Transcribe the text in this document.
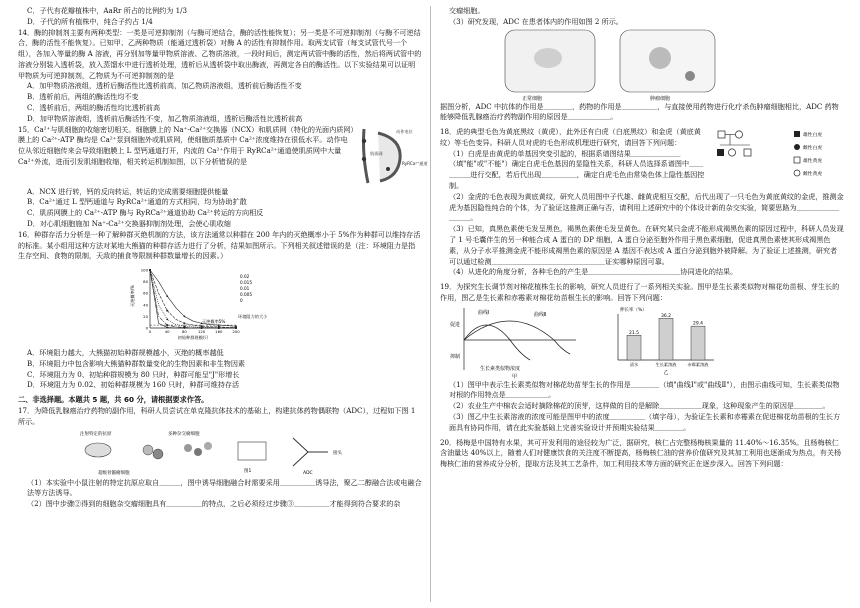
C．子代有花瓣植株中，AaRr 所占的比例约为 1/3

D．子代的所有植株中，纯合子约占 1/4

14．酶的抑制剂主要有两种类型：一类是可逆抑制剂（与酶可逆结合，酶的活性能恢复）；另一类是不可逆抑制剂（与酶不可逆结合，酶的活性不能恢复）。已知甲、乙两种物质（能通过透析袋）对酶 A 的活性有抑制作用。取两支试管（每支试管代号一个组），各加入等量的酶 A 溶液，再分别加等量甲物质溶液、乙物质溶液，一段时间后，测定两试管中酶的活性，然后将两试管中的溶液分别装入透析袋，放入蒸馏水中进行透析处理，透析后从透析袋中取出酶液，再测定各自的酶活性。以下实验结果可以证明甲物质为可逆抑制剂，乙物质为不可逆抑制剂的是

A．加甲物质溶液组，透析后酶活性比透析前高，加乙物质溶液组，透析前后酶活性不变

B．透析前后，两组的酶活性均不变

C．透析前后，两组的酶活性均比透析前高

D．加甲物质溶液组，透析前后酶活性不变，加乙物质溶液组，透析后酶活性比透析前高

15．Ca²⁺与肌细胞的收缩密切相关。细胞膜上的 Na⁺-Ca²⁺交换器（NCX）和肌质网（特化的光面内质网）膜上的 Ca²⁺-ATP 酶均是 Ca²⁺泵到细胞外或肌质网，使细胞质基质中 Ca²⁺浓度维持在很低水平。动作电位从邻近细胞传来会导致细胞膜上 L 型钙通道打开，内流的 Ca²⁺作用于 RyRCa²⁺通道使肌质网中大量 Ca²⁺外流，进而引发肌细胞收缩，相关转运机制如图，以下分析错误的是

动作电位
肌质网
RyRCa²⁺通道

A．NCX 进行转，钙的反向转运，转运的完成需要细胞提供能量

B．Ca²⁺通过 L 型钙通道与 RyRCa²⁺通道的方式相同，均为协助扩散

C．肌质网膜上的 Ca²⁺-ATP 酶与 RyRCa²⁺通道协助 Ca²⁺转运的方向相反

D．对心肌细胞施加 Na⁺-Ca²⁺交换器抑制剂处理，会使心肌收缩

16．种群存活力分析是一种了解种群灭绝机制的方法，该方法通常以种群在 200 年内的灭绝概率小于 5%作为种群可以维持存活的标准。某小组用这种方法对某地大熊猫的种群存活力进行了分析，结果如图所示。下列相关叙述错误的是（注：环境阻力是指生存空间、食物的限制，天敌的捕食等限制种群数量增长的因素。）

灭绝概率5%
0.02
0.015
0.01
0.005
0
0
20
40
60
80
100
0	40	80	120	160	200
初始种群规模/只
灭绝概率/%
环境阻力的大小

A．环境阻力越大，大熊猫初始种群规模越小，灭绝的概率越低

B．环境阻力中包含影响大熊猫种群数量变化的生物因素和非生物因素

C．环境阻力为 0、初始种群规模为 80 只时，种群可能呈"J"形增长

D．环境阻力为 0.02、初始种群规模为 160 只时，种群可维持存活

二、非选择题。本题共 5 题，共 60 分，请根据要求作答。

17．为降低乳腺癌治疗药物的副作用，科研人员尝试在单克隆抗体技术的基础上，构建抗体药物偶联物（ADC），过程如下图 1 所示。

注射特定的抗原	多种杂交瘤细胞
图1	ADC
接头
超级骨髓瘤细胞

（1）本实验中小鼠注射的特定抗原应取自＿＿＿，图中诱导细胞融合时需要采用＿＿＿＿＿诱导法，聚乙二醇融合法或电融合法等方法诱导。

（2）图中步骤②得到的细胞杂交瘤细胞具有＿＿＿＿＿的特点，之后必须经过步骤③＿＿＿＿＿才能得到符合要求的杂

交瘤细胞。

（3）研究发现，ADC 在患者体内的作用如图 2 所示。

正常细胞	肿瘤细胞

据图分析，ADC 中抗体的作用是＿＿＿＿，药物的作用是＿＿＿＿＿，与直接使用药物进行化疗杀伤肿瘤细胞相比，ADC 药物能够降低乳腺癌治疗药物副作用的原因是＿＿＿＿＿＿。

18．虎的典型毛色为黄底黑纹（黄虎），此外还有白虎（白底黑纹）和金虎（黄底黄纹）等毛色变异。科研人员对虎的毛色形成机理进行研究，请回答下列问题：

（1）白虎是由黄虎的单基因突变引起的，根据系谱图结果＿＿＿＿＿＿＿（填"能"或"不能"）确定白虎毛色基因的显隐性关系，科研人员选择系谱图中＿＿＿＿＿进行交配，若后代出现＿＿＿＿＿，确定白虎毛色由常染色体上隐性基因控制。

雄性白虎
雌性白虎
雄性黄虎
雌性黄虎

（2）金虎的毛色表现为黄底黄纹，研究人员用图中子代雄、雌黄虎相互交配，后代出现了一只毛色为黄底黄纹的金虎，推测金虎为基因隐性纯合的个体，为了验证这推测正确与否，请利用上述研究中的个体设计新的杂交实验，简要思路为＿＿＿＿＿＿＿＿＿。

（3）已知，真黑色素使毛发呈黑色，褐黑色素使毛发呈黄色。在研究某只金虎不能形成褐黑色素的原因过程中，科研人员发现了 1 号毛囊伴生的另一种能合成 A 蛋白的 DP 细胞，A 蛋白分泌至胞外作用于黑色素细胞，促进真黑色素使其形成褐黑色素，从分子水平推测金虎不能形成褐黑色素的原因是 A 基因不表达或 A 蛋白分泌到胞外被降解。为了验证上述推测，研究者可以通过检测＿＿＿＿＿＿＿＿＿＿＿＿＿＿＿＿证实哪种原因可靠。

（4）从进化的角度分析，各种毛色的产生是＿＿＿＿＿＿＿＿＿＿＿＿＿协同进化的结果。

19．为探究生长调节剂对棉花植株生长的影响，研究人员进行了一系列相关实验。图甲是生长素类似物对棉花幼苗根、芽生长的作用，图乙是生长素和赤霉素对棉花幼苗根生长的影响。回答下列问题：

促进
抑制
曲线Ⅰ	曲线Ⅱ
生长素类似物浓度
甲
伸长率（%）
21.5
清水
36.2
生长素溶液
29.4
赤霉素溶液
乙

（1）图甲中表示生长素类似物对棉花幼苗芽生长的作用是＿＿＿＿（填"曲线Ⅰ"或"曲线Ⅱ"），由图示曲线可知，生长素类似物对根的作用特点是＿＿＿＿＿＿。

（2）农业生产中棉农会适时摘除棉花的顶芽，这样做的目的是解除＿＿＿＿＿＿现象，这种现象产生的原因是＿＿＿＿。

（3）图乙中生长素溶液的浓度可能是图甲中的浓度＿＿＿＿＿（填字母），为验证生长素和赤霉素在促进棉花幼苗根的生长方面具有协同作用，请在此实验基础上完善实验设计并预期实验结果＿＿＿＿。

20．杨梅是中国特有水果，其可开发利用的途径较为广泛，据研究，核仁占完整杨梅核果量的 11.40%～16.35%。且杨梅核仁含油量达 40%以上，随着人们对健康饮食的关注度不断提高，杨梅核仁油的营养价值研究及其加工利用也逐渐成为热点，有关杨梅核仁油的营养成分分析，提取方法及其工艺条件，加工利用技术等方面的研究正在逐步深入。回答下列问题：
